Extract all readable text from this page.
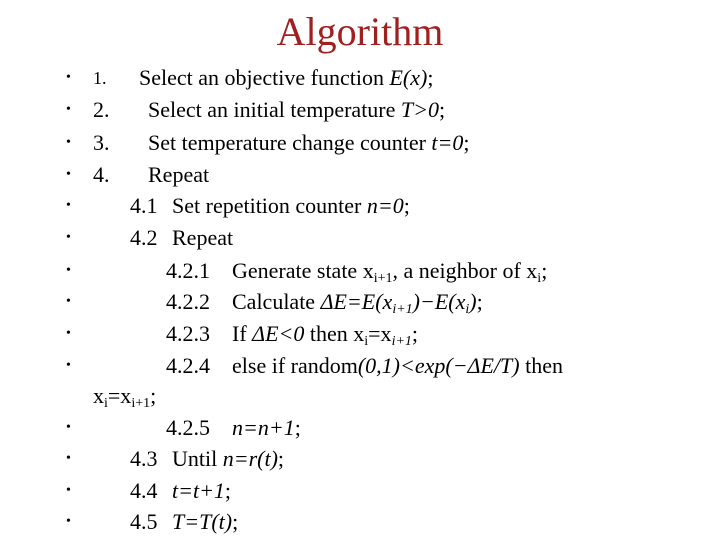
Algorithm
• 1. Select an objective function E(x);
• 2. Select an initial temperature T>0;
• 3. Set temperature change counter t=0;
• 4. Repeat
•	4.1 Set repetition counter n=0;
•	4.2 Repeat
•	4.2.1 Generate state $x_{i+1}$, a neighbor of $x_i$;
•	4.2.2 Calculate $\Delta E=E(x_{i+1})-E(x_i)$;
•	4.2.3 If ΔE<0 then $x_i=x_{i+1}$;
•	4.2.4 else if random(0,1)<exp(−ΔE/T) then
$x_i=x_{i+1}$;
•	4.2.5 n=n+1;
•	4.3 Until n=r(t);
•	4.4 t=t+1;
•	4.5 T=T(t);
